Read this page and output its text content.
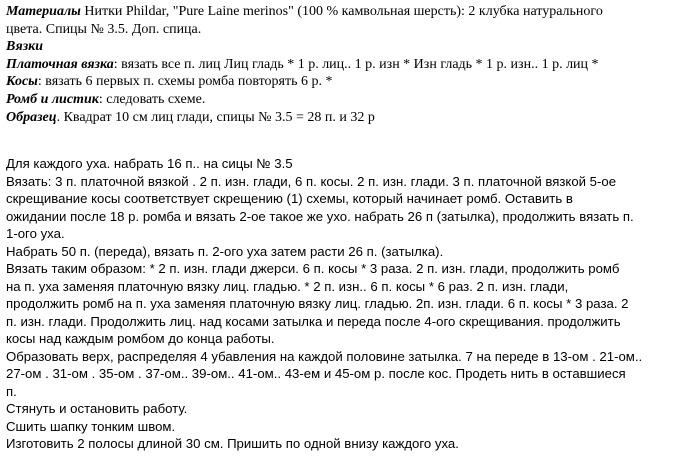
Материалы Нитки Phildar, "Pure Laine merinos" (100 % камвольная шерсть): 2 клубка натурального
цвета. Спицы № 3.5. Доп. спица.
Вязки
Платочная вязка: вязать все п. лиц Лиц гладь * 1 р. лиц.. 1 р. изн * Изн гладь * 1 р. изн.. 1 р. лиц *
Косы: вязать 6 первых п. схемы ромба повторять 6 р. *
Ромб и листик: следовать схеме.
Образец. Квадрат 10 см лиц глади, спицы № 3.5 = 28 п. и 32 р
Для каждого уха. набрать 16 п.. на сицы № 3.5
Вязать: 3 п. платочной вязкой . 2 п. изн. глади, 6 п. косы. 2 п. изн. глади. 3 п. платочной вязкой 5-ое
скрещивание косы соответствует скрещению (1) схемы, который начинает ромб. Оставить в
ожидании после 18 р. ромба и вязать 2-ое такое же ухо. набрать 26 п (затылка), продолжить вязать п.
1-ого уха.
Набрать 50 п. (переда), вязать п. 2-ого уха затем расти 26 п. (затылка).
Вязать таким образом: * 2 п. изн. глади джерси. 6 п. косы * 3 раза. 2 п. изн. глади, продолжить ромб
на п. уха заменяя платочную вязку лиц. гладью. * 2 п. изн.. 6 п. косы * 6 раз. 2 п. изн. глади,
продолжить ромб на п. уха заменяя платочную вязку лиц. гладью. 2п. изн. глади. 6 п. косы * 3 раза. 2
п. изн. глади. Продолжить лиц. над косами затылка и переда после 4-ого скрещивания. продолжить
косы над каждым ромбом до конца работы.
Образовать верх, распределяя 4 убавления на каждой половине затылка. 7 на переде в 13-ом . 21-ом..
27-ом . 31-ом . 35-ом . 37-ом.. 39-ом.. 41-ом.. 43-ем и 45-ом р. после кос. Продеть нить в оставшиеся
п.
Стянуть и остановить работу.
Сшить шапку тонким швом.
Изготовить 2 полосы длиной 30 см. Пришить по одной внизу каждого уха.
